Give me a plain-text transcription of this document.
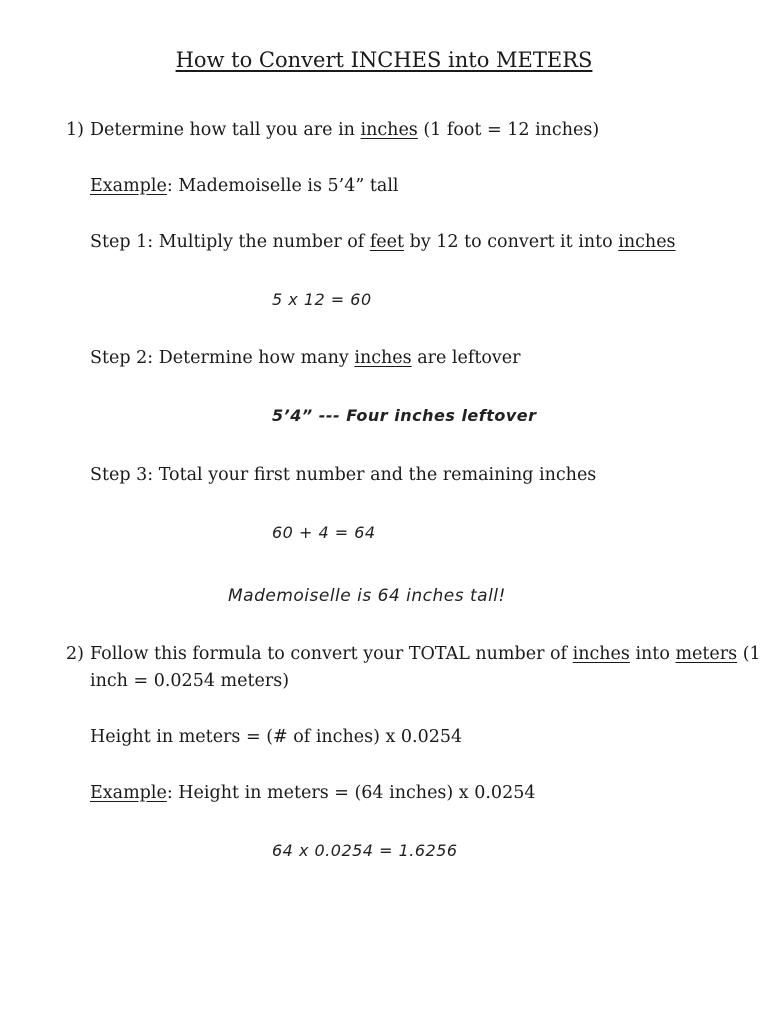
How to Convert INCHES into METERS
1) Determine how tall you are in inches (1 foot = 12 inches)
Example: Mademoiselle is 5’4” tall
Step 1: Multiply the number of feet by 12 to convert it into inches
5 x 12 = 60
Step 2: Determine how many inches are leftover
5’4” --- Four inches leftover
Step 3: Total your first number and the remaining inches
60 + 4 = 64
Mademoiselle is 64 inches tall!
2) Follow this formula to convert your TOTAL number of inches into meters (1
inch = 0.0254 meters)
Height in meters = (# of inches) x 0.0254
Example: Height in meters = (64 inches) x 0.0254
64 x 0.0254 = 1.6256
